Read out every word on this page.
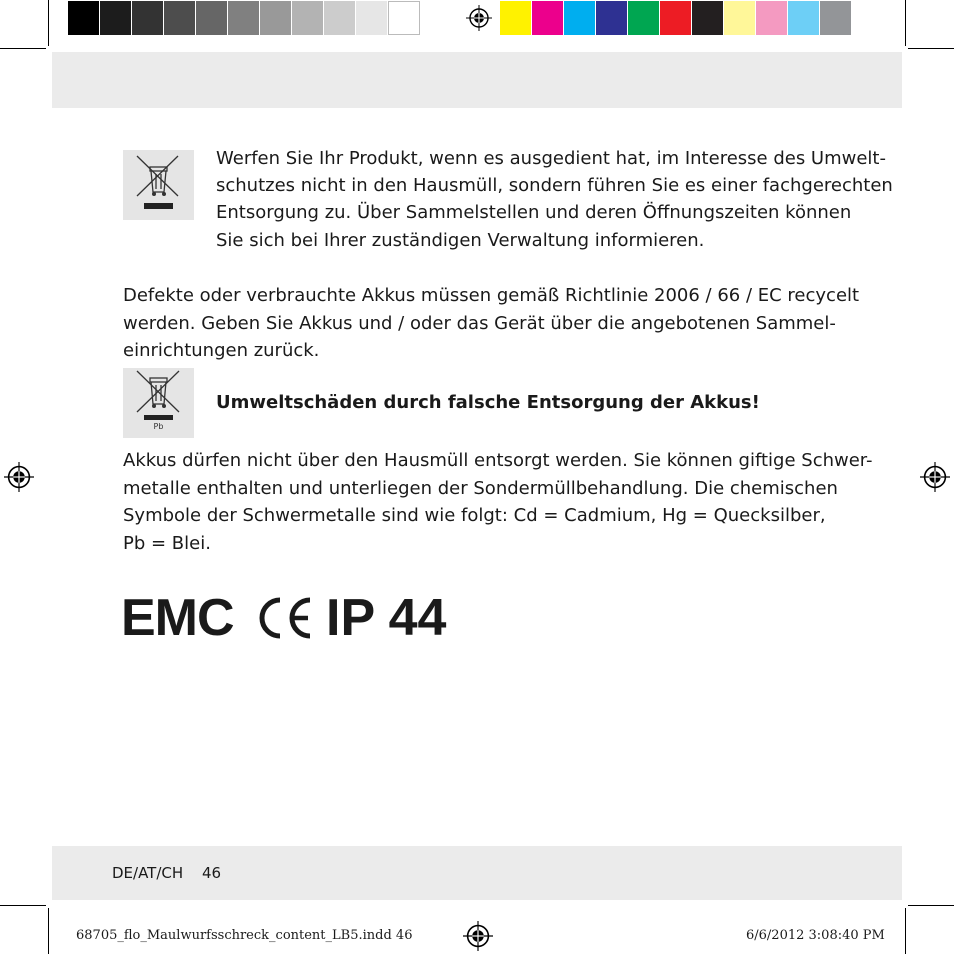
Werfen Sie Ihr Produkt, wenn es ausgedient hat, im Interesse des Umwelt-
schutzes nicht in den Hausmüll, sondern führen Sie es einer fachgerechten
Entsorgung zu. Über Sammelstellen und deren Öffnungszeiten können
Sie sich bei Ihrer zuständigen Verwaltung informieren.
Defekte oder verbrauchte Akkus müssen gemäß Richtlinie 2006 / 66 / EC recycelt
werden. Geben Sie Akkus und / oder das Gerät über die angebotenen Sammel-
einrichtungen zurück.
Pb
Umweltschäden durch falsche Entsorgung der Akkus!
Akkus dürfen nicht über den Hausmüll entsorgt werden. Sie können giftige Schwer-
metalle enthalten und unterliegen der Sondermüllbehandlung. Die chemischen
Symbole der Schwermetalle sind wie folgt: Cd = Cadmium, Hg = Quecksilber,
Pb = Blei.
EMC IP 44
DE/AT/CH 46
68705_flo_Maulwurfsschreck_content_LB5.indd 46	6/6/2012 3:08:40 PM
